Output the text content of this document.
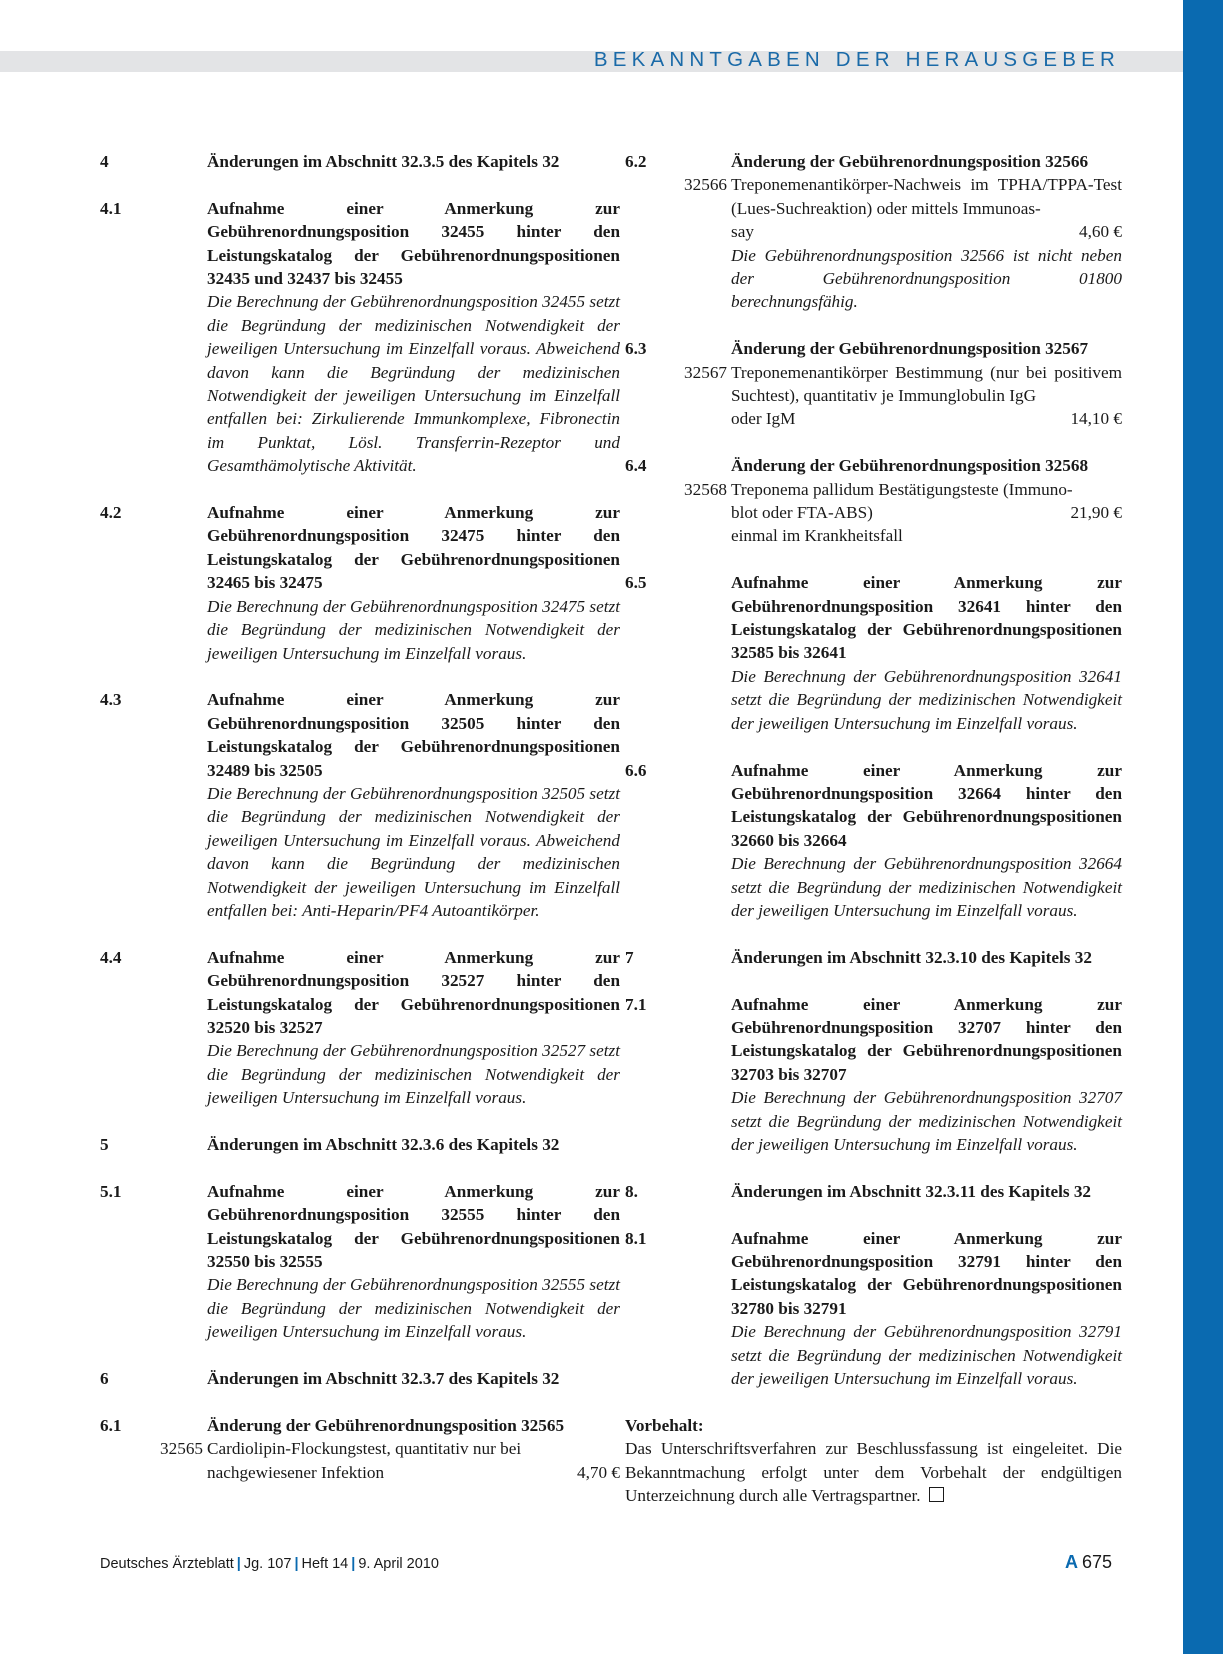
BEKANNTGABEN DER HERAUSGEBER
4	Änderungen im Abschnitt 32.3.5 des Kapitels 32
4.1	Aufnahme einer Anmerkung zur Gebührenordnungsposition 32455 hinter den Leistungskatalog der Gebührenordnungspositionen 32435 und 32437 bis 32455
Die Berechnung der Gebührenordnungsposition 32455 setzt die Begründung der medizinischen Notwendigkeit der jeweiligen Untersuchung im Einzelfall voraus. Abweichend davon kann die Begründung der medizinischen Notwendigkeit der jeweiligen Untersuchung im Einzelfall entfallen bei: Zirkulierende Immunkomplexe, Fibronectin im Punktat, Lösl. Transferrin-Rezeptor und Gesamthämolytische Aktivität.
4.2	Aufnahme einer Anmerkung zur Gebührenordnungsposition 32475 hinter den Leistungskatalog der Gebührenordnungspositionen 32465 bis 32475
Die Berechnung der Gebührenordnungsposition 32475 setzt die Begründung der medizinischen Notwendigkeit der jeweiligen Untersuchung im Einzelfall voraus.
4.3	Aufnahme einer Anmerkung zur Gebührenordnungsposition 32505 hinter den Leistungskatalog der Gebührenordnungspositionen 32489 bis 32505
Die Berechnung der Gebührenordnungsposition 32505 setzt die Begründung der medizinischen Notwendigkeit der jeweiligen Untersuchung im Einzelfall voraus. Abweichend davon kann die Begründung der medizinischen Notwendigkeit der jeweiligen Untersuchung im Einzelfall entfallen bei: Anti-Heparin/PF4 Autoantikörper.
4.4	Aufnahme einer Anmerkung zur Gebührenordnungsposition 32527 hinter den Leistungskatalog der Gebührenordnungspositionen 32520 bis 32527
Die Berechnung der Gebührenordnungsposition 32527 setzt die Begründung der medizinischen Notwendigkeit der jeweiligen Untersuchung im Einzelfall voraus.
5	Änderungen im Abschnitt 32.3.6 des Kapitels 32
5.1	Aufnahme einer Anmerkung zur Gebührenordnungsposition 32555 hinter den Leistungskatalog der Gebührenordnungspositionen 32550 bis 32555
Die Berechnung der Gebührenordnungsposition 32555 setzt die Begründung der medizinischen Notwendigkeit der jeweiligen Untersuchung im Einzelfall voraus.
6	Änderungen im Abschnitt 32.3.7 des Kapitels 32
6.1	Änderung der Gebührenordnungsposition 32565
32565 Cardiolipin-Flockungstest, quantitativ nur bei
nachgewiesener Infektion	4,70 €
6.2	Änderung der Gebührenordnungsposition 32566
32566 Treponemenantikörper-Nachweis im TPHA/TPPA-Test (Lues-Suchreaktion) oder mittels Immunoas-
say	4,60 €
Die Gebührenordnungsposition 32566 ist nicht neben der Gebührenordnungsposition 01800 berechnungsfähig.
6.3	Änderung der Gebührenordnungsposition 32567
32567 Treponemenantikörper Bestimmung (nur bei positivem Suchtest), quantitativ je Immunglobulin IgG
oder IgM	14,10 €
6.4	Änderung der Gebührenordnungsposition 32568
32568 Treponema pallidum Bestätigungsteste (Immuno-
blot oder FTA-ABS)	21,90 €
einmal im Krankheitsfall
6.5	Aufnahme einer Anmerkung zur Gebührenordnungsposition 32641 hinter den Leistungskatalog der Gebührenordnungspositionen 32585 bis 32641
Die Berechnung der Gebührenordnungsposition 32641 setzt die Begründung der medizinischen Notwendigkeit der jeweiligen Untersuchung im Einzelfall voraus.
6.6	Aufnahme einer Anmerkung zur Gebührenordnungsposition 32664 hinter den Leistungskatalog der Gebührenordnungspositionen 32660 bis 32664
Die Berechnung der Gebührenordnungsposition 32664 setzt die Begründung der medizinischen Notwendigkeit der jeweiligen Untersuchung im Einzelfall voraus.
7	Änderungen im Abschnitt 32.3.10 des Kapitels 32
7.1	Aufnahme einer Anmerkung zur Gebührenordnungsposition 32707 hinter den Leistungskatalog der Gebührenordnungspositionen 32703 bis 32707
Die Berechnung der Gebührenordnungsposition 32707 setzt die Begründung der medizinischen Notwendigkeit der jeweiligen Untersuchung im Einzelfall voraus.
8.	Änderungen im Abschnitt 32.3.11 des Kapitels 32
8.1	Aufnahme einer Anmerkung zur Gebührenordnungsposition 32791 hinter den Leistungskatalog der Gebührenordnungspositionen 32780 bis 32791
Die Berechnung der Gebührenordnungsposition 32791 setzt die Begründung der medizinischen Notwendigkeit der jeweiligen Untersuchung im Einzelfall voraus.
Vorbehalt:
Das Unterschriftsverfahren zur Beschlussfassung ist eingeleitet. Die Bekanntmachung erfolgt unter dem Vorbehalt der endgültigen Unterzeichnung durch alle Vertragspartner.
Deutsches Ärzteblatt | Jg. 107 | Heft 14 | 9. April 2010	A 675
